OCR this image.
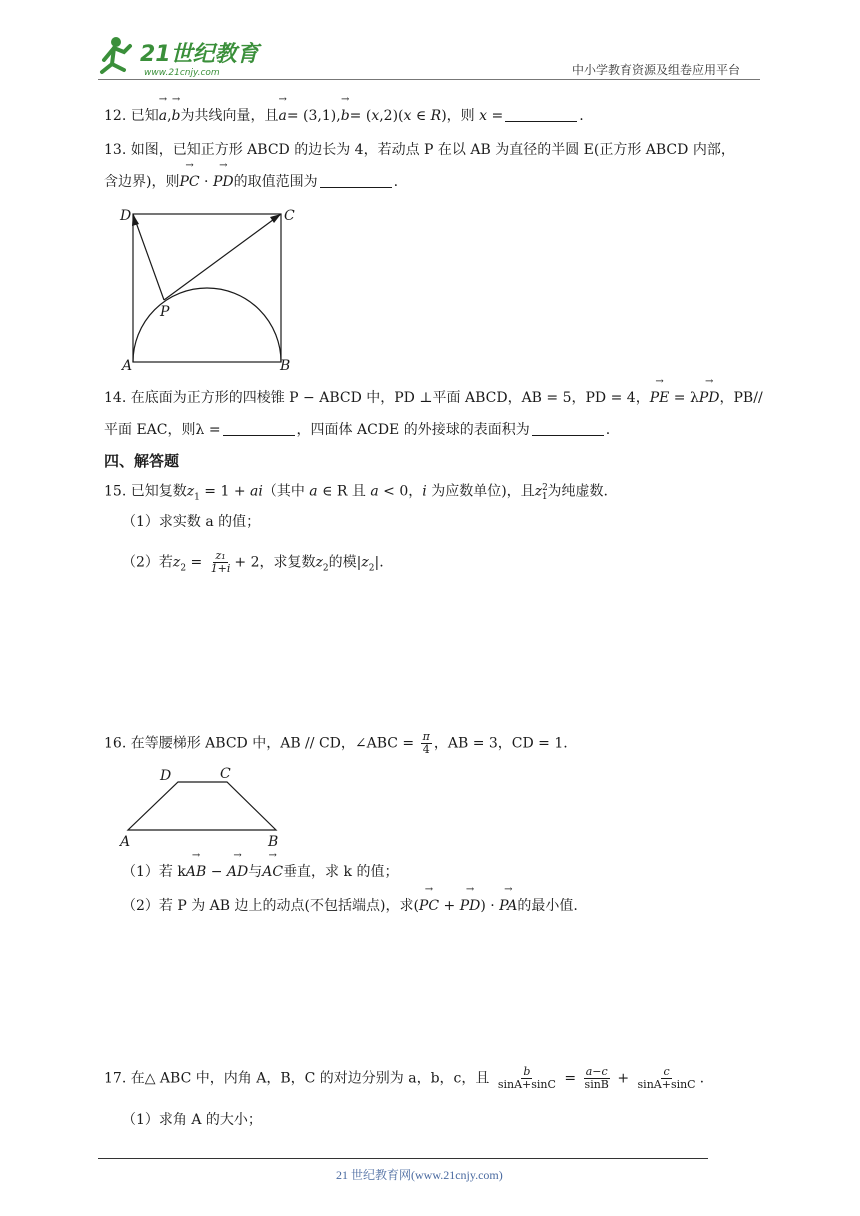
21世纪教育
www.21cnjy.com	中小学教育资源及组卷应用平台
12. 已知→ a,→ b为共线向量，且→ a= (3,1),→ b= (x,2)(x ∈ R)，则 x =	.
13. 如图，已知正方形 ABCD 的边长为 4，若动点 P 在以 AB 为直径的半圆 E(正方形 ABCD 内部，
含边界)，则→ PC · → PD的取值范围为	.
D	C
P
A	B
14. 在底面为正方形的四棱锥 P − ABCD 中，PD ⊥平面 ABCD，AB = 5，PD = 4，→ PE = λ→ PD，PB//
平面 EAC，则λ =	，四面体 ACDE 的外接球的表面积为	.
四、解答题
15. 已知复数$z_1 = 1 + ai$（其中 a ∈ R 且 a < 0，i 为应数单位)，且$z^2_1$为纯虚数.
（1）求实数 a 的值；
（2）若$z_2 = \frac{\text{z₁}}{1+i} + 2$，求复数$z_2$的模$|z_2|$.
16. 在等腰梯形 ABCD 中，AB // CD，∠ABC = $\frac{\pi}{4}$ ，AB = 3，CD = 1.
D	C
A	B
（1）若 k→ AB − → AD与→ AC垂直，求 k 的值；
（2）若 P 为 AB 边上的动点(不包括端点)，求(→ PC + → PD) · → PA的最小值.
17. 在△ ABC 中，内角 A，B，C 的对边分别为 a，b，c，且 $\frac{b}{\sin A+\sin C} = \frac{a-c}{\sin B} + \frac{c}{\sin A+\sin C}$ .
（1）求角 A 的大小；
21 世纪教育网(www.21cnjy.com)
